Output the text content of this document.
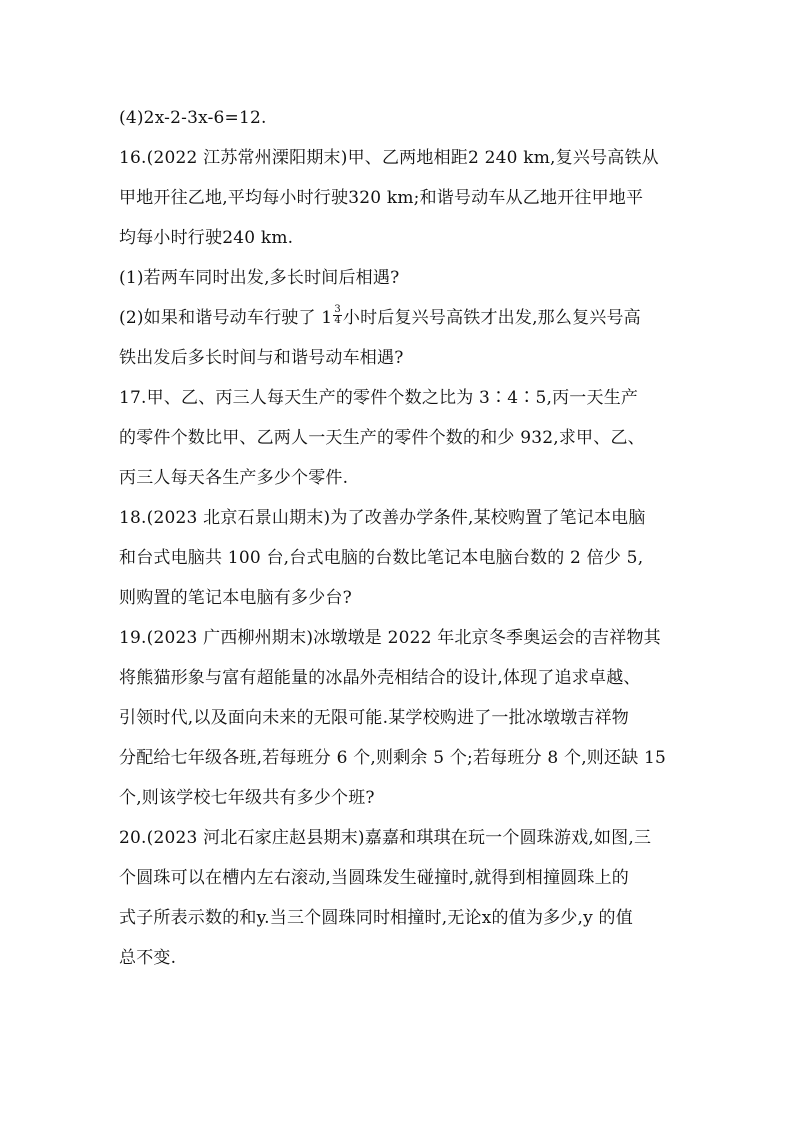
(4)2x-2-3x-6=12.
16.(2022 江苏常州溧阳期末)甲、乙两地相距2 240 km,复兴号高铁从
甲地开往乙地,平均每小时行驶320 km;和谐号动车从乙地开往甲地平
均每小时行驶240 km.
(1)若两车同时出发,多长时间后相遇?
(2)如果和谐号动车行驶了 $1 \frac{3}{4}$ 小时后复兴号高铁才出发,那么复兴号高
铁出发后多长时间与和谐号动车相遇?
17.甲、乙、丙三人每天生产的零件个数之比为 3∶4∶5,丙一天生产
的零件个数比甲、乙两人一天生产的零件个数的和少 932,求甲、乙、
丙三人每天各生产多少个零件.
18.(2023 北京石景山期末)为了改善办学条件,某校购置了笔记本电脑
和台式电脑共 100 台,台式电脑的台数比笔记本电脑台数的 2 倍少 5,
则购置的笔记本电脑有多少台?
19.(2023 广西柳州期末)冰墩墩是 2022 年北京冬季奥运会的吉祥物其
将熊猫形象与富有超能量的冰晶外壳相结合的设计,体现了追求卓越、
引领时代,以及面向未来的无限可能.某学校购进了一批冰墩墩吉祥物
分配给七年级各班,若每班分 6 个,则剩余 5 个;若每班分 8 个,则还缺 15
个,则该学校七年级共有多少个班?
20.(2023 河北石家庄赵县期末)嘉嘉和琪琪在玩一个圆珠游戏,如图,三
个圆珠可以在槽内左右滚动,当圆珠发生碰撞时,就得到相撞圆珠上的
式子所表示数的和y.当三个圆珠同时相撞时,无论x的值为多少,y 的值
总不变.
